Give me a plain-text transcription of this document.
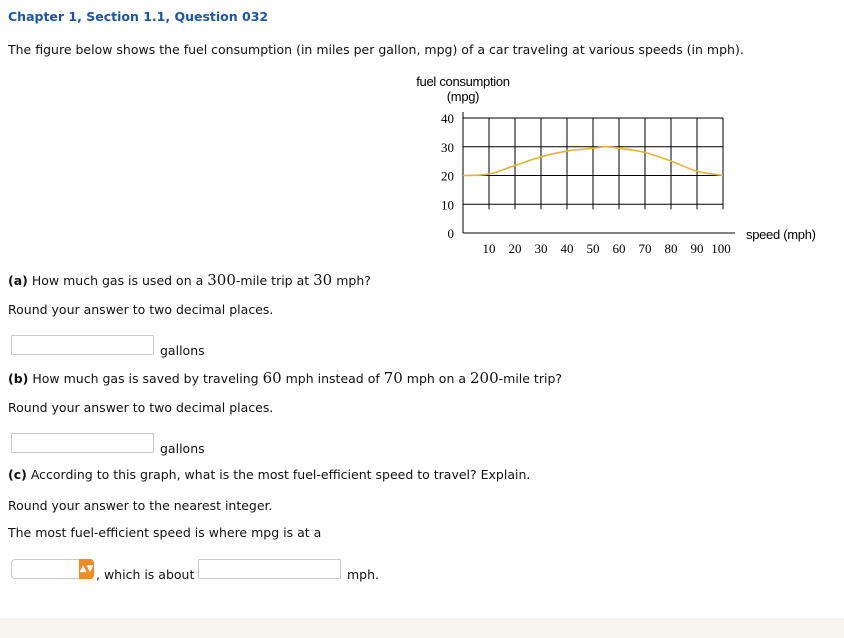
Chapter 1, Section 1.1, Question 032
The figure below shows the fuel consumption (in miles per gallon, mpg) of a car traveling at various speeds (in mph).
fuel consumption
(mpg)
speed (mph)
0
10
20
30
40
10 20 30 40 50 60 70 80 90 100
(a) How much gas is used on a 300-mile trip at 30 mph?
Round your answer to two decimal places.
gallons
(b) How much gas is saved by traveling 60 mph instead of 70 mph on a 200-mile trip?
Round your answer to two decimal places.
gallons
(c) According to this graph, what is the most fuel-efficient speed to travel? Explain.
Round your answer to the nearest integer.
The most fuel-efficient speed is where mpg is at a
▲▼ , which is about	mph.
